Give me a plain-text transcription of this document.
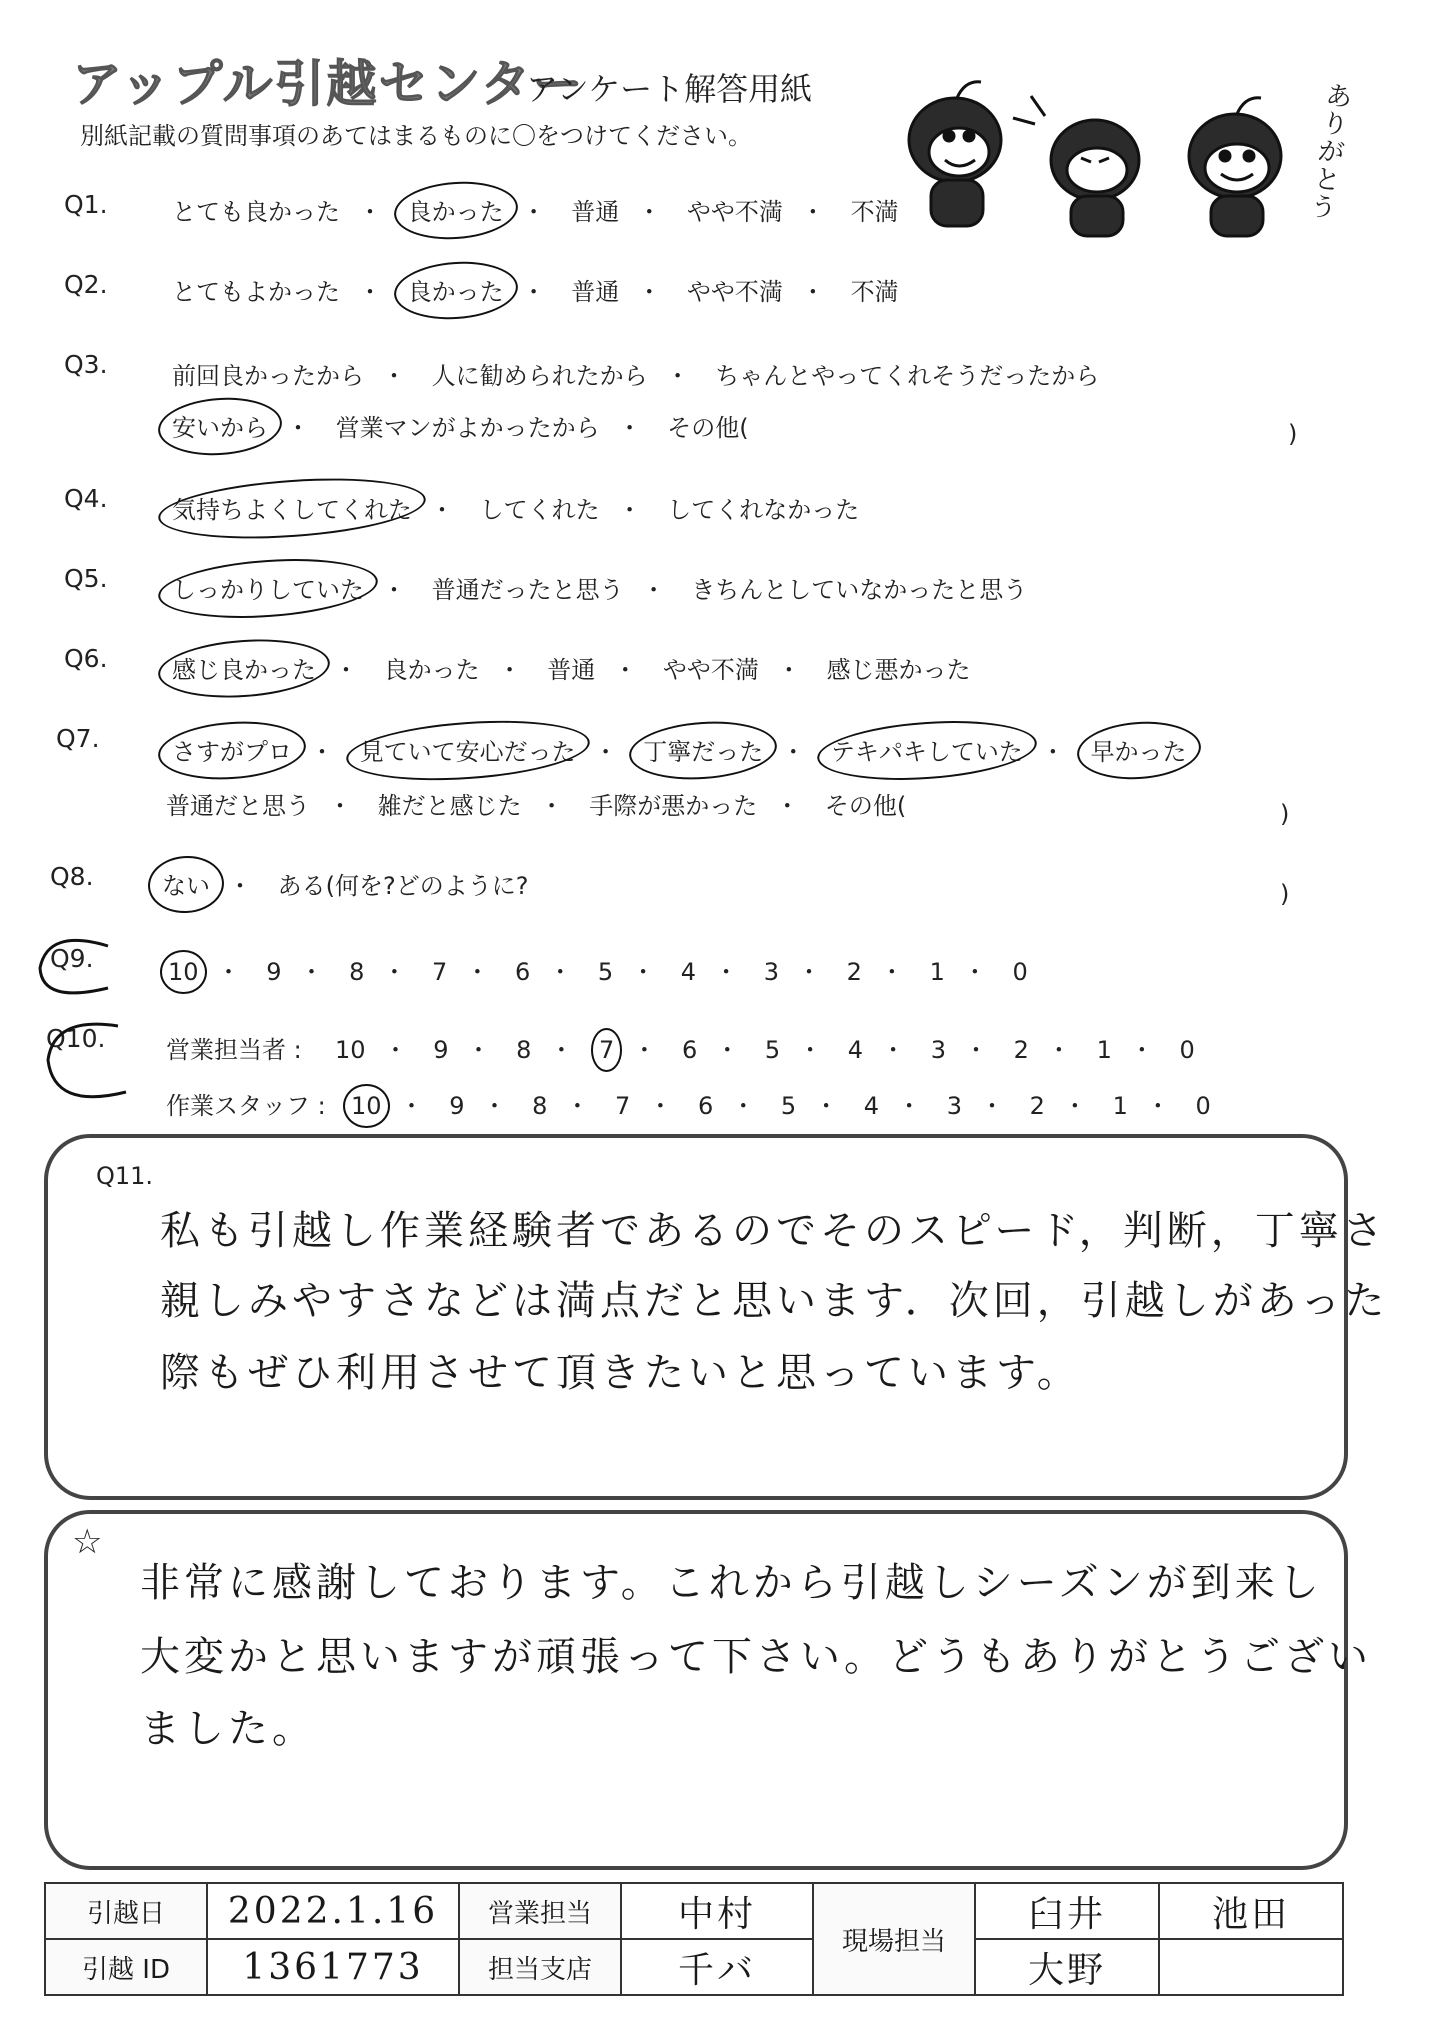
アップル引越センター
アンケート解答用紙
別紙記載の質問事項のあてはまるものに〇をつけてください。
ありがとう
Q1.	とても良かった ・ 良かった ・ 普通 ・ やや不満 ・ 不満
Q2.	とてもよかった ・ 良かった ・ 普通 ・ やや不満 ・ 不満
Q3.	前回良かったから ・ 人に勧められたから ・ ちゃんとやってくれそうだったから
安いから ・ 営業マンがよかったから ・ その他(	)
Q4.	気持ちよくしてくれた ・ してくれた ・ してくれなかった
Q5.	しっかりしていた ・ 普通だったと思う ・ きちんとしていなかったと思う
Q6.	感じ良かった ・ 良かった ・ 普通 ・ やや不満 ・ 感じ悪かった
Q7.	さすがプロ ・ 見ていて安心だった ・ 丁寧だった ・ テキパキしていた ・ 早かった
普通だと思う ・ 雑だと感じた ・ 手際が悪かった ・ その他(	)
Q8.	ない ・ ある(何を?どのように?	)
Q9.	10 ・ 9 ・ 8 ・ 7 ・ 6 ・ 5 ・ 4 ・ 3 ・ 2 ・ 1 ・ 0
Q10.	営業担当者 : 10 ・ 9 ・ 8 ・ 7 ・ 6 ・ 5 ・ 4 ・ 3 ・ 2 ・ 1 ・ 0
作業スタッフ : 10 ・ 9 ・ 8 ・ 7 ・ 6 ・ 5 ・ 4 ・ 3 ・ 2 ・ 1 ・ 0
Q11.
私も引越し作業経験者であるのでそのスピード，判断，丁寧さ
親しみやすさなどは満点だと思います．次回，引越しがあった
際もぜひ利用させて頂きたいと思っています。
☆
非常に感謝しております。これから引越しシーズンが到来し
大変かと思いますが頑張って下さい。どうもありがとうござい
ました。
引越日	2022.1.16	営業担当	中村	現場担当	臼井	池田
引越 ID	1361773	担当支店	千バ		大野	
